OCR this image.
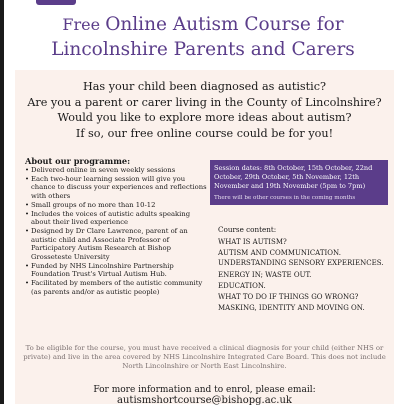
Free Online Autism Course for
Lincolnshire Parents and Carers
Has your child been diagnosed as autistic?
Are you a parent or carer living in the County of Lincolnshire?
Would you like to explore more ideas about autism?
If so, our free online course could be for you!
About our programme:
• Delivered online in seven weekly sessions
• Each two-hour learning session will give you chance to discuss your experiences and reflections with others
• Small groups of no more than 10-12
• Includes the voices of autistic adults speaking about their lived experience
• Designed by Dr Clare Lawrence, parent of an autistic child and Associate Professor of Participatory Autism Research at Bishop Grosseteste University
• Funded by NHS Lincolnshire Partnership Foundation Trust's Virtual Autism Hub.
• Facilitated by members of the autistic community (as parents and/or as autistic people)
Session dates: 8th October, 15th October, 22nd October, 29th October, 5th November, 12th November and 19th November (5pm to 7pm)
There will be other courses in the coming months
Course content:
WHAT IS AUTISM?
AUTISM AND COMMUNICATION.
UNDERSTANDING SENSORY EXPERIENCES.
ENERGY IN; WASTE OUT.
EDUCATION.
WHAT TO DO IF THINGS GO WRONG?
MASKING, IDENTITY AND MOVING ON.
To be eligible for the course, you must have received a clinical diagnosis for your child (either NHS or private) and live in the area covered by NHS Lincolnshire Integrated Care Board. This does not include North Lincolnshire or North East Lincolnshire.
For more information and to enrol, please email:
autismshortcourse@bishopg.ac.uk
